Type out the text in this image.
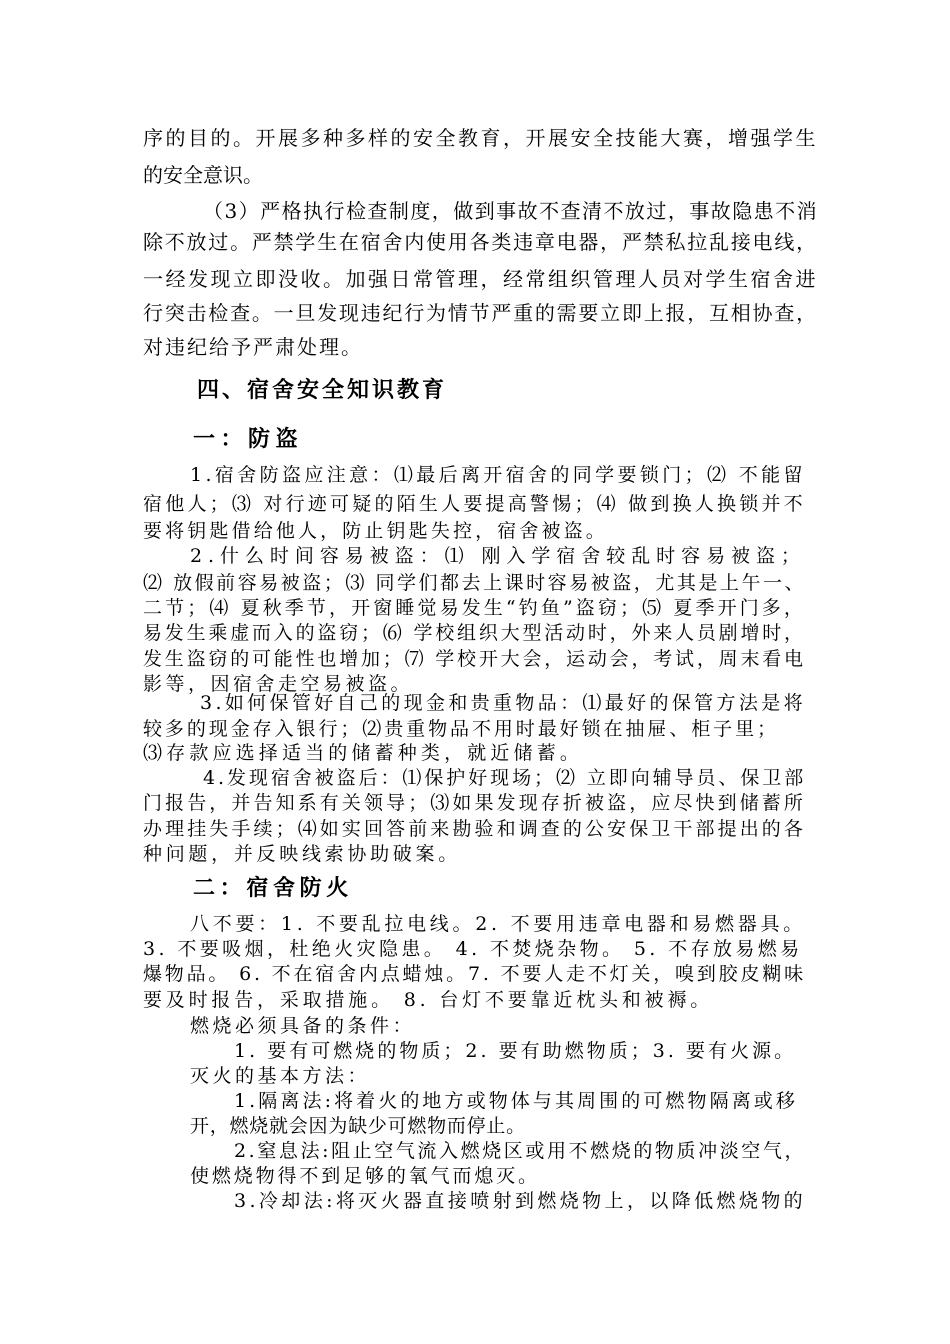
序的目的。开展多种多样的安全教育，开展安全技能大赛，增强学生

的安全意识。

（3）严格执行检查制度，做到事故不查清不放过，事故隐患不消

除不放过。严禁学生在宿舍内使用各类违章电器，严禁私拉乱接电线，

一经发现立即没收。加强日常管理，经常组织管理人员对学生宿舍进

行突击检查。一旦发现违纪行为情节严重的需要立即上报，互相协查，

对违纪给予严肃处理。

四、宿舍安全知识教育

一：防盗

1.宿舍防盗应注意：⑴最后离开宿舍的同学要锁门；⑵ 不能留

宿他人；⑶ 对行迹可疑的陌生人要提高警惕；⑷ 做到换人换锁并不

要将钥匙借给他人，防止钥匙失控，宿舍被盗。

2.什么时间容易被盗：⑴ 刚入学宿舍较乱时容易被盗；

⑵ 放假前容易被盗；⑶ 同学们都去上课时容易被盗，尤其是上午一、

二节；⑷ 夏秋季节，开窗睡觉易发生“钓鱼”盗窃；⑸ 夏季开门多，

易发生乘虚而入的盗窃；⑹ 学校组织大型活动时，外来人员剧增时，

发生盗窃的可能性也增加；⑺ 学校开大会，运动会，考试，周末看电

影等，因宿舍走空易被盗。

3.如何保管好自己的现金和贵重物品：⑴最好的保管方法是将

较多的现金存入银行；⑵贵重物品不用时最好锁在抽屉、柜子里；

⑶存款应选择适当的储蓄种类，就近储蓄。

4.发现宿舍被盗后：⑴保护好现场；⑵ 立即向辅导员、保卫部

门报告，并告知系有关领导；⑶如果发现存折被盗，应尽快到储蓄所

办理挂失手续；⑷如实回答前来勘验和调查的公安保卫干部提出的各

种问题，并反映线索协助破案。

二：宿舍防火

八不要：1. 不要乱拉电线。2. 不要用违章电器和易燃器具。

3. 不要吸烟，杜绝火灾隐患。 4. 不焚烧杂物。 5. 不存放易燃易

爆物品。 6. 不在宿舍内点蜡烛。7. 不要人走不灯关，嗅到胶皮糊味

要及时报告，采取措施。 8. 台灯不要靠近枕头和被褥。

燃烧必须具备的条件：

1. 要有可燃烧的物质；2. 要有助燃物质；3. 要有火源。

灭火的基本方法：

1.隔离法:将着火的地方或物体与其周围的可燃物隔离或移

开，燃烧就会因为缺少可燃物而停止。

2.窒息法:阻止空气流入燃烧区或用不燃烧的物质冲淡空气，

使燃烧物得不到足够的氧气而熄灭。

3.冷却法:将灭火器直接喷射到燃烧物上，以降低燃烧物的
